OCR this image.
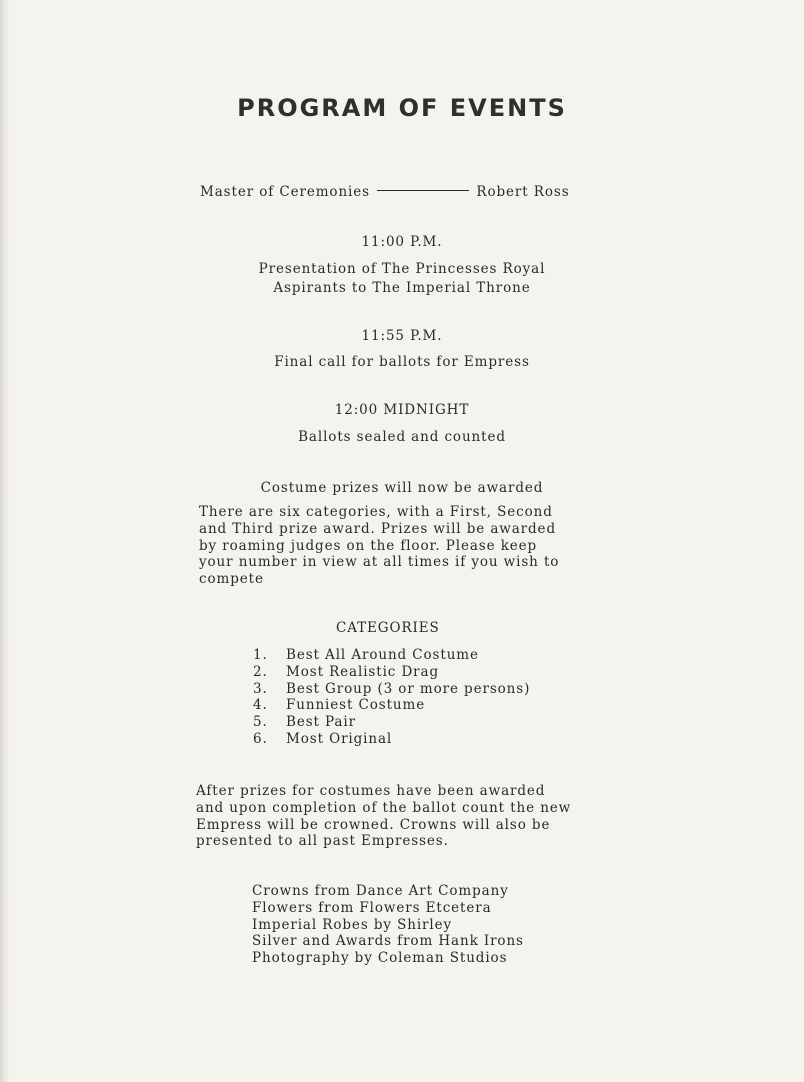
PROGRAM OF EVENTS
Master of Ceremonies	Robert Ross
11:00 P.M.
Presentation of The Princesses Royal
Aspirants to The Imperial Throne
11:55 P.M.
Final call for ballots for Empress
12:00 MIDNIGHT
Ballots sealed and counted
Costume prizes will now be awarded
There are six categories, with a First, Second
and Third prize award. Prizes will be awarded
by roaming judges on the floor. Please keep
your number in view at all times if you wish to
compete
CATEGORIES
1. Best All Around Costume
2. Most Realistic Drag
3. Best Group (3 or more persons)
4. Funniest Costume
5. Best Pair
6. Most Original
After prizes for costumes have been awarded
and upon completion of the ballot count the new
Empress will be crowned. Crowns will also be
presented to all past Empresses.
Crowns from Dance Art Company
Flowers from Flowers Etcetera
Imperial Robes by Shirley
Silver and Awards from Hank Irons
Photography by Coleman Studios
